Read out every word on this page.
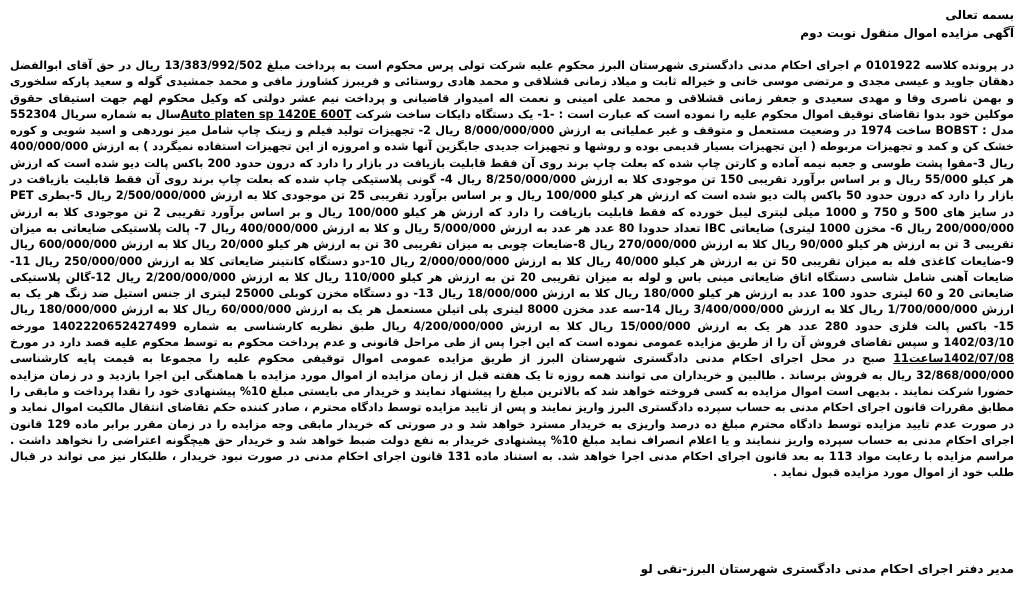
بسمه تعالی

آگهی مزایده اموال منقول نوبت دوم

در پرونده کلاسه 0101922 م اجرای احکام مدنی دادگستری شهرستان البرز محکوم علیه شرکت تولی پرس محکوم است به پرداخت مبلغ 13/383/992/502 ریال در حق آقای ابوالفضل دهقان جاوید و عیسی مجدی و مرتضی موسی خانی و خیراله ثابت و میلاد زمانی قشلاقی و محمد هادی روستائی و فریبرز کشاورز مافی و محمد جمشیدی گوله و سعید پارکه سلخوری و بهمن ناصری وفا و مهدی سعیدی و جعفر زمانی قشلاقی و محمد علی امینی و نعمت اله امیدوار قاضیانی و پرداخت نیم عشر دولتی که وکیل محکوم لهم جهت استیفای حقوق موکلین خود بدوا تقاضای توقیف اموال محکوم علیه را نموده است که عبارت است : -1- یک دستگاه دایکات ساخت شرکت Auto platen sp 1420E 600Tسال به شماره سریال 552304 مدل : BOBST ساخت 1974 در وضعیت مستعمل و متوقف و غیر عملیاتی به ارزش 8/000/000/000 ریال 2- تجهیزات تولید فیلم و زینک چاپ شامل میز نوردهی و اسید شویی و کوره خشک کن و کمد و تجهیزات مربوطه ( این تجهیزات بسیار قدیمی بوده و روشها و تجهیزات جدیدی جایگزین آنها شده و امروزه از این تجهیزات استفاده نمیگردد ) به ارزش 400/000/000 ریال 3-مقوا پشت طوسی و جعبه نیمه آماده و کارتن چاپ شده که بعلت چاپ برند روی آن فقط قابلیت بازیافت در بازار را دارد که درون حدود 200 باکس پالت دیو شده است که ارزش هر کیلو 55/000 ریال و بر اساس برآورد تقریبی 150 تن موجودی کلا به ارزش 8/250/000/000 ریال 4- گونی پلاستیکی چاپ شده که بعلت چاپ برند روی آن فقط قابلیت بازیافت در بازار را دارد که درون حدود 50 باکس پالت دیو شده است که ارزش هر کیلو 100/000 ریال و بر اساس برآورد تقریبی 25 تن موجودی کلا به ارزش 2/500/000/000 ریال 5-بطری PET در سایز های 500 و 750 و 1000 میلی لیتری لیبل خورده که فقط قابلیت بازیافت را دارد که ارزش هر کیلو 100/000 ریال و بر اساس برآورد تقریبی 2 تن موجودی کلا به ارزش 200/000/000 ریال 6- مخزن 1000 لیتری) ضایعاتی IBC تعداد حدودا 80 عدد هر عدد به ارزش 5/000/000 ریال و کلا به ارزش 400/000/000 ریال 7- پالت پلاستیکی ضایعاتی به میزان تقریبی 3 تن به ارزش هر کیلو 90/000 ریال کلا به ارزش 270/000/000 ریال 8-ضایعات چوبی به میزان تقریبی 30 تن به ارزش هر کیلو 20/000 ریال کلا به ارزش 600/000/000 ریال 9-ضایعات کاغذی فله به میزان تقریبی 50 تن به ارزش هر کیلو 40/000 ریال کلا به ارزش 2/000/000/000 ریال 10-دو دستگاه کانتینر ضایعاتی کلا به ارزش 250/000/000 ریال 11-ضایعات آهنی شامل شاسی دستگاه اتاق ضایعاتی مینی باس و لوله به میزان تقریبی 20 تن به ارزش هر کیلو 110/000 ریال کلا به ارزش 2/200/000/000 ریال 12-گالن پلاستیکی ضایعاتی 20 و 60 لیتری حدود 100 عدد به ارزش هر کیلو 180/000 ریال کلا به ارزش 18/000/000 ریال 13- دو دستگاه مخزن کوبلی 25000 لیتری از جنس استیل ضد زنگ هر یک به ارزش 1/700/000/000 ریال کلا به ارزش 3/400/000/000 ریال 14-سه عدد مخزن 8000 لیتری پلی اتیلن مستعمل هر یک به ارزش 60/000/000 ریال کلا به ارزش 180/000/000 ریال 15- باکس پالت فلزی حدود 280 عدد هر یک به ارزش 15/000/000 ریال کلا به ارزش 4/200/000/000 ریال طبق نظریه کارشناسی به شماره 1402220652427499 مورخه 1402/03/10 و سپس تقاضای فروش آن را از طریق مزایده عمومی نموده است که این اجرا پس از طی مراحل قانونی و عدم پرداخت محکوم به توسط محکوم علیه قصد دارد در مورخ 1402/07/08ساعت11 صبح در محل اجرای احکام مدنی دادگستری شهرستان البرز از طریق مزایده عمومی اموال توقیفی محکوم علیه را مجموعا به قیمت پایه کارشناسی 32/868/000/000 ریال به فروش برساند . طالبین و خریداران می توانند همه روزه تا یک هفته قبل از زمان مزایده از اموال مورد مزایده با هماهنگی این اجرا بازدید و در زمان مزایده حضورا شرکت نمایند . بدیهی است اموال مزایده به کسی فروخته خواهد شد که بالاترین مبلغ را پیشنهاد نمایند و خریدار می بایستی مبلغ 10% پیشنهادی خود را نقدا پرداخت و مابقی را مطابق مقررات قانون اجرای احکام مدنی به حساب سپرده دادگستری البرز واریز نمایند و پس از تایید مزایده توسط دادگاه محترم ، صادر کننده حکم تقاضای انتقال مالکیت اموال نماید و در صورت عدم تایید مزایده توسط دادگاه محترم مبلغ ده درصد واریزی به خریدار مسترد خواهد شد و در صورتی که خریدار مابقی وجه مزایده را در زمان مقرر برابر ماده 129 قانون اجرای احکام مدنی به حساب سپرده واریز ننمایند و یا اعلام انصراف نماید مبلغ 10% پیشنهادی خریدار به نفع دولت ضبط خواهد شد و خریدار حق هیچگونه اعتراضی را نخواهد داشت . مراسم مزایده با رعایت مواد 113 به بعد قانون اجرای احکام مدنی اجرا خواهد شد. به استناد ماده 131 قانون اجرای احکام مدنی در صورت نبود خریدار ، طلبکار نیز می تواند در قبال طلب خود از اموال مورد مزایده قبول نماید .

مدیر دفتر اجرای احکام مدنی دادگستری شهرستان البرز-نقی لو
